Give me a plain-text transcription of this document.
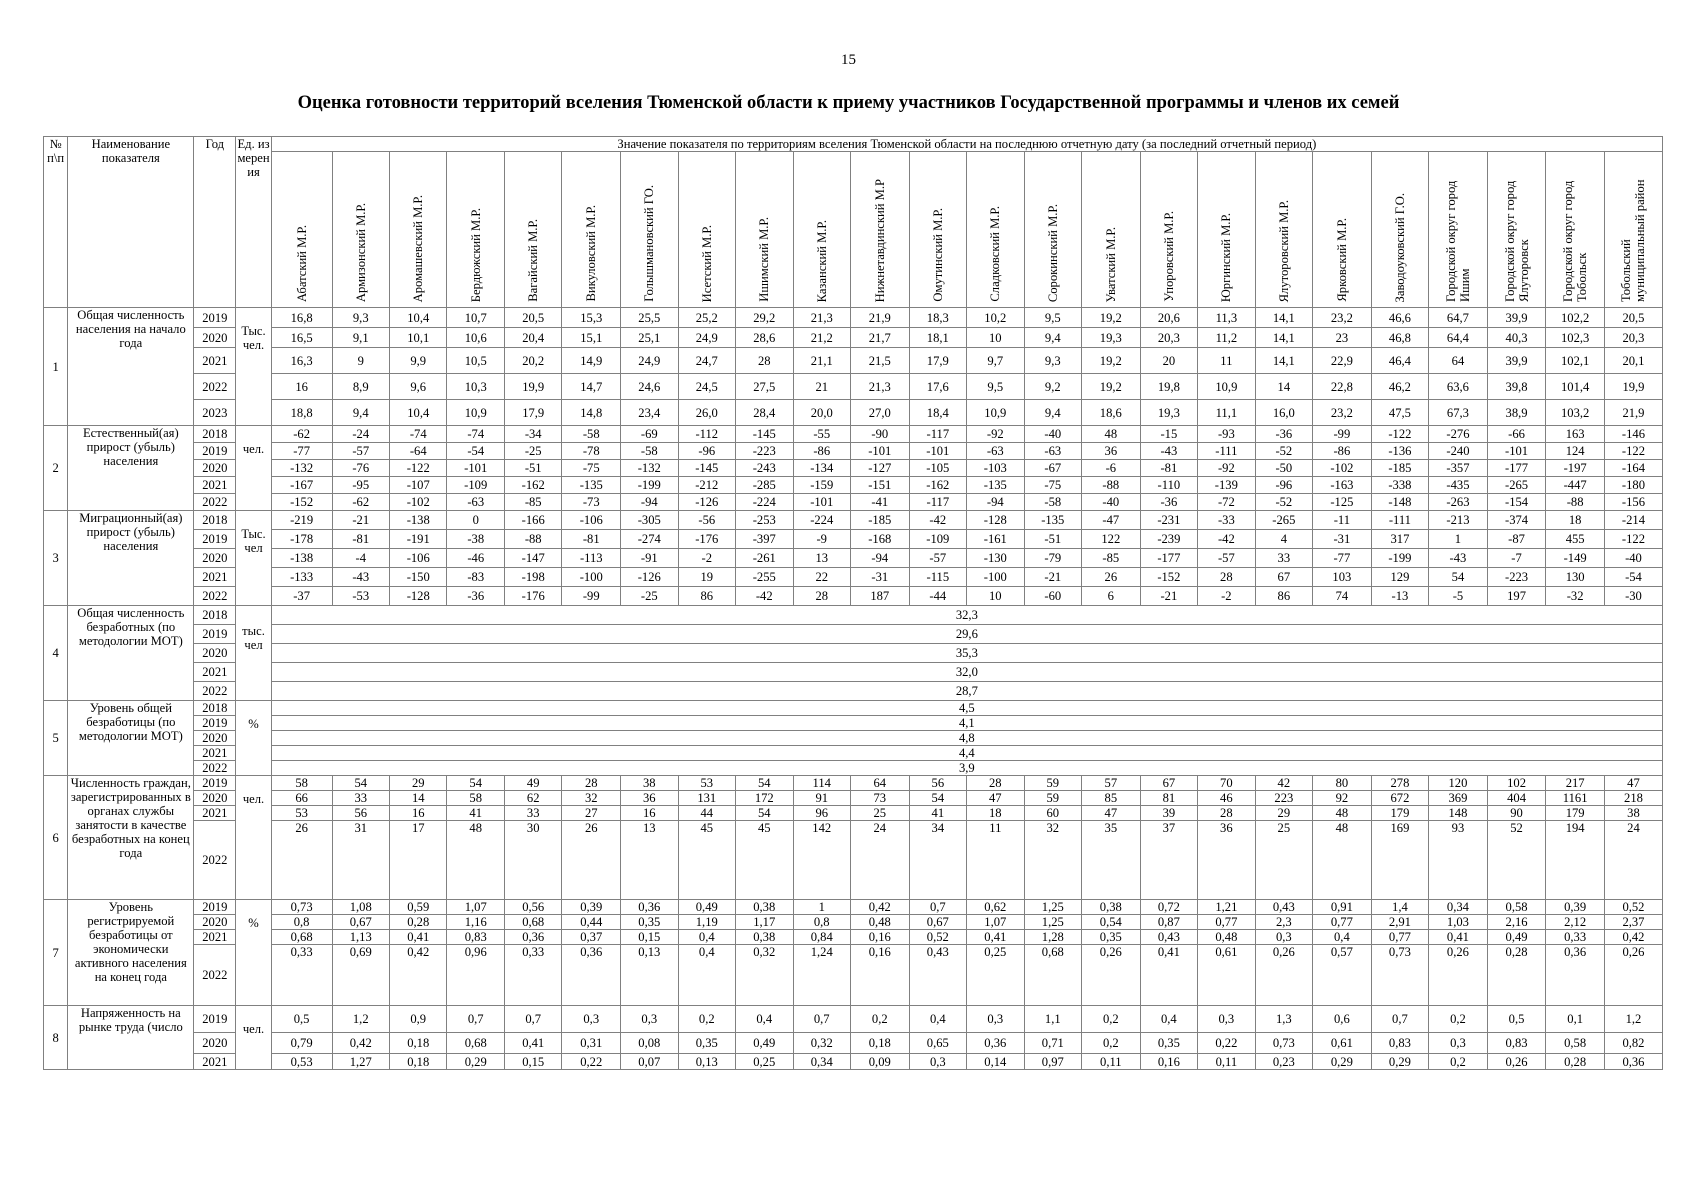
15
Оценка готовности территорий вселения Тюменской области к приему участников Государственной программы и членов их семей
№ п\п	Наименование показателя	Год	Ед. измерения	Значение показателя по территориям вселения Тюменской области на последнюю отчетную дату (за последний отчетный период)																							
				Абатский М.Р.	Армизонский М.Р.	Аромашевский М.Р.	Бердюжский М.Р.	Вагайский М.Р.	Викуловский М.Р.	Голышмановский ГО.	Исетский М.Р.	Ишимский М.Р.	Казанский М.Р.	Нижнетавдинский М.Р	Омутинский М.Р.	Сладковский М.Р.	Сорокинский М.Р.	Уватский М.Р.	Упоровский М.Р.	Юргинский М.Р.	Ялуторовский М.Р.	Ярковский М.Р.	Заводоуковский Г.О.	Городской округ город Ишим	Городской округ город Ялуторовск	Городской округ город Тобольск	Тобольский муниципальный район
1	Общая численность населения на начало года	2019	Тыс. чел.	16,8	9,3	10,4	10,7	20,5	15,3	25,5	25,2	29,2	21,3	21,9	18,3	10,2	9,5	19,2	20,6	11,3	14,1	23,2	46,6	64,7	39,9	102,2	20,5
		2020		16,5	9,1	10,1	10,6	20,4	15,1	25,1	24,9	28,6	21,2	21,7	18,1	10	9,4	19,3	20,3	11,2	14,1	23	46,8	64,4	40,3	102,3	20,3
		2021		16,3	9	9,9	10,5	20,2	14,9	24,9	24,7	28	21,1	21,5	17,9	9,7	9,3	19,2	20	11	14,1	22,9	46,4	64	39,9	102,1	20,1
		2022		16	8,9	9,6	10,3	19,9	14,7	24,6	24,5	27,5	21	21,3	17,6	9,5	9,2	19,2	19,8	10,9	14	22,8	46,2	63,6	39,8	101,4	19,9
		2023		18,8	9,4	10,4	10,9	17,9	14,8	23,4	26,0	28,4	20,0	27,0	18,4	10,9	9,4	18,6	19,3	11,1	16,0	23,2	47,5	67,3	38,9	103,2	21,9
2	Естественный(ая) прирост (убыль) населения	2018	чел.	-62	-24	-74	-74	-34	-58	-69	-112	-145	-55	-90	-117	-92	-40	48	-15	-93	-36	-99	-122	-276	-66	163	-146
		2019		-77	-57	-64	-54	-25	-78	-58	-96	-223	-86	-101	-101	-63	-63	36	-43	-111	-52	-86	-136	-240	-101	124	-122
		2020		-132	-76	-122	-101	-51	-75	-132	-145	-243	-134	-127	-105	-103	-67	-6	-81	-92	-50	-102	-185	-357	-177	-197	-164
		2021		-167	-95	-107	-109	-162	-135	-199	-212	-285	-159	-151	-162	-135	-75	-88	-110	-139	-96	-163	-338	-435	-265	-447	-180
		2022		-152	-62	-102	-63	-85	-73	-94	-126	-224	-101	-41	-117	-94	-58	-40	-36	-72	-52	-125	-148	-263	-154	-88	-156
3	Миграционный(ая) прирост (убыль) населения	2018	Тыс. чел	-219	-21	-138	0	-166	-106	-305	-56	-253	-224	-185	-42	-128	-135	-47	-231	-33	-265	-11	-111	-213	-374	18	-214
		2019		-178	-81	-191	-38	-88	-81	-274	-176	-397	-9	-168	-109	-161	-51	122	-239	-42	4	-31	317	1	-87	455	-122
		2020		-138	-4	-106	-46	-147	-113	-91	-2	-261	13	-94	-57	-130	-79	-85	-177	-57	33	-77	-199	-43	-7	-149	-40
		2021		-133	-43	-150	-83	-198	-100	-126	19	-255	22	-31	-115	-100	-21	26	-152	28	67	103	129	54	-223	130	-54
		2022		-37	-53	-128	-36	-176	-99	-25	86	-42	28	187	-44	10	-60	6	-21	-2	86	74	-13	-5	197	-32	-30
4	Общая численность безработных (по методологии МОТ)	2018	тыс. чел	32,3																							
		2019		29,6																							
		2020		35,3																							
		2021		32,0																							
		2022		28,7																							
5	Уровень общей безработицы (по методологии МОТ)	2018	%	4,5																							
		2019		4,1																							
		2020		4,8																							
		2021		4,4																							
		2022		3,9																							
6	Численность граждан, зарегистрированных в органах службы занятости в качестве безработных на конец года	2019	чел.	58	54	29	54	49	28	38	53	54	114	64	56	28	59	57	67	70	42	80	278	120	102	217	47
		2020		66	33	14	58	62	32	36	131	172	91	73	54	47	59	85	81	46	223	92	672	369	404	1161	218
		2021		53	56	16	41	33	27	16	44	54	96	25	41	18	60	47	39	28	29	48	179	148	90	179	38
		2022		26	31	17	48	30	26	13	45	45	142	24	34	11	32	35	37	36	25	48	169	93	52	194	24
7	Уровень регистрируемой безработицы от экономически активного населения на конец года	2019	%	0,73	1,08	0,59	1,07	0,56	0,39	0,36	0,49	0,38	1	0,42	0,7	0,62	1,25	0,38	0,72	1,21	0,43	0,91	1,4	0,34	0,58	0,39	0,52
		2020		0,8	0,67	0,28	1,16	0,68	0,44	0,35	1,19	1,17	0,8	0,48	0,67	1,07	1,25	0,54	0,87	0,77	2,3	0,77	2,91	1,03	2,16	2,12	2,37
		2021		0,68	1,13	0,41	0,83	0,36	0,37	0,15	0,4	0,38	0,84	0,16	0,52	0,41	1,28	0,35	0,43	0,48	0,3	0,4	0,77	0,41	0,49	0,33	0,42
		2022		0,33	0,69	0,42	0,96	0,33	0,36	0,13	0,4	0,32	1,24	0,16	0,43	0,25	0,68	0,26	0,41	0,61	0,26	0,57	0,73	0,26	0,28	0,36	0,26
8	Напряженность на рынке труда (число	2019	чел.	0,5	1,2	0,9	0,7	0,7	0,3	0,3	0,2	0,4	0,7	0,2	0,4	0,3	1,1	0,2	0,4	0,3	1,3	0,6	0,7	0,2	0,5	0,1	1,2
		2020		0,79	0,42	0,18	0,68	0,41	0,31	0,08	0,35	0,49	0,32	0,18	0,65	0,36	0,71	0,2	0,35	0,22	0,73	0,61	0,83	0,3	0,83	0,58	0,82
		2021		0,53	1,27	0,18	0,29	0,15	0,22	0,07	0,13	0,25	0,34	0,09	0,3	0,14	0,97	0,11	0,16	0,11	0,23	0,29	0,29	0,2	0,26	0,28	0,36
